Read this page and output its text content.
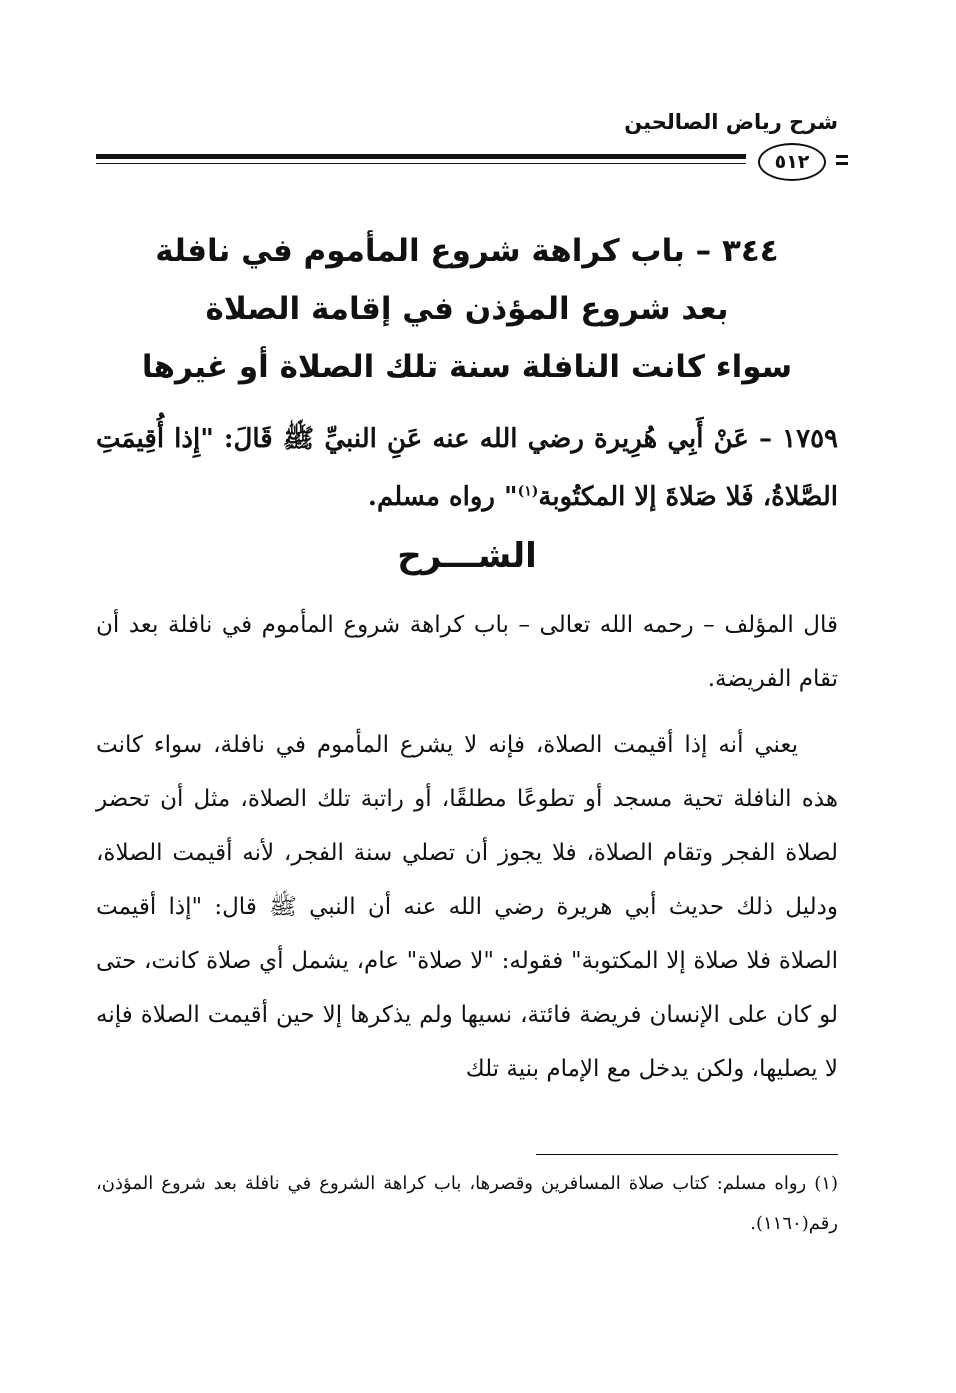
شرح رياض الصالحين
٥١٢
٣٤٤ – باب كراهة شروع المأموم في نافلة
بعد شروع المؤذن في إقامة الصلاة
سواء كانت النافلة سنة تلك الصلاة أو غيرها
١٧٥٩ – عَنْ أَبِي هُرِيرة رضي الله عنه عَنِ النبيِّ ﷺ قَالَ: "إِذا أُقِيمَتِ الصَّلاةُ، فَلا صَلاةَ إلا المكتُوبة$^{(١)}$" رواه مسلم.
الشـــرح

قال المؤلف – رحمه الله تعالى – باب كراهة شروع المأموم في نافلة بعد أن تقام الفريضة.

يعني أنه إذا أقيمت الصلاة، فإنه لا يشرع المأموم في نافلة، سواء كانت هذه النافلة تحية مسجد أو تطوعًا مطلقًا، أو راتبة تلك الصلاة، مثل أن تحضر لصلاة الفجر وتقام الصلاة، فلا يجوز أن تصلي سنة الفجر، لأنه أقيمت الصلاة، ودليل ذلك حديث أبي هريرة رضي الله عنه أن النبي ﷺ قال: "إذا أقيمت الصلاة فلا صلاة إلا المكتوبة" فقوله: "لا صلاة" عام، يشمل أي صلاة كانت، حتى لو كان على الإنسان فريضة فائتة، نسيها ولم يذكرها إلا حين أقيمت الصلاة فإنه لا يصليها، ولكن يدخل مع الإمام بنية تلك

(١) رواه مسلم: كتاب صلاة المسافرين وقصرها، باب كراهة الشروع في نافلة بعد شروع المؤذن، رقم(١١٦٠).
